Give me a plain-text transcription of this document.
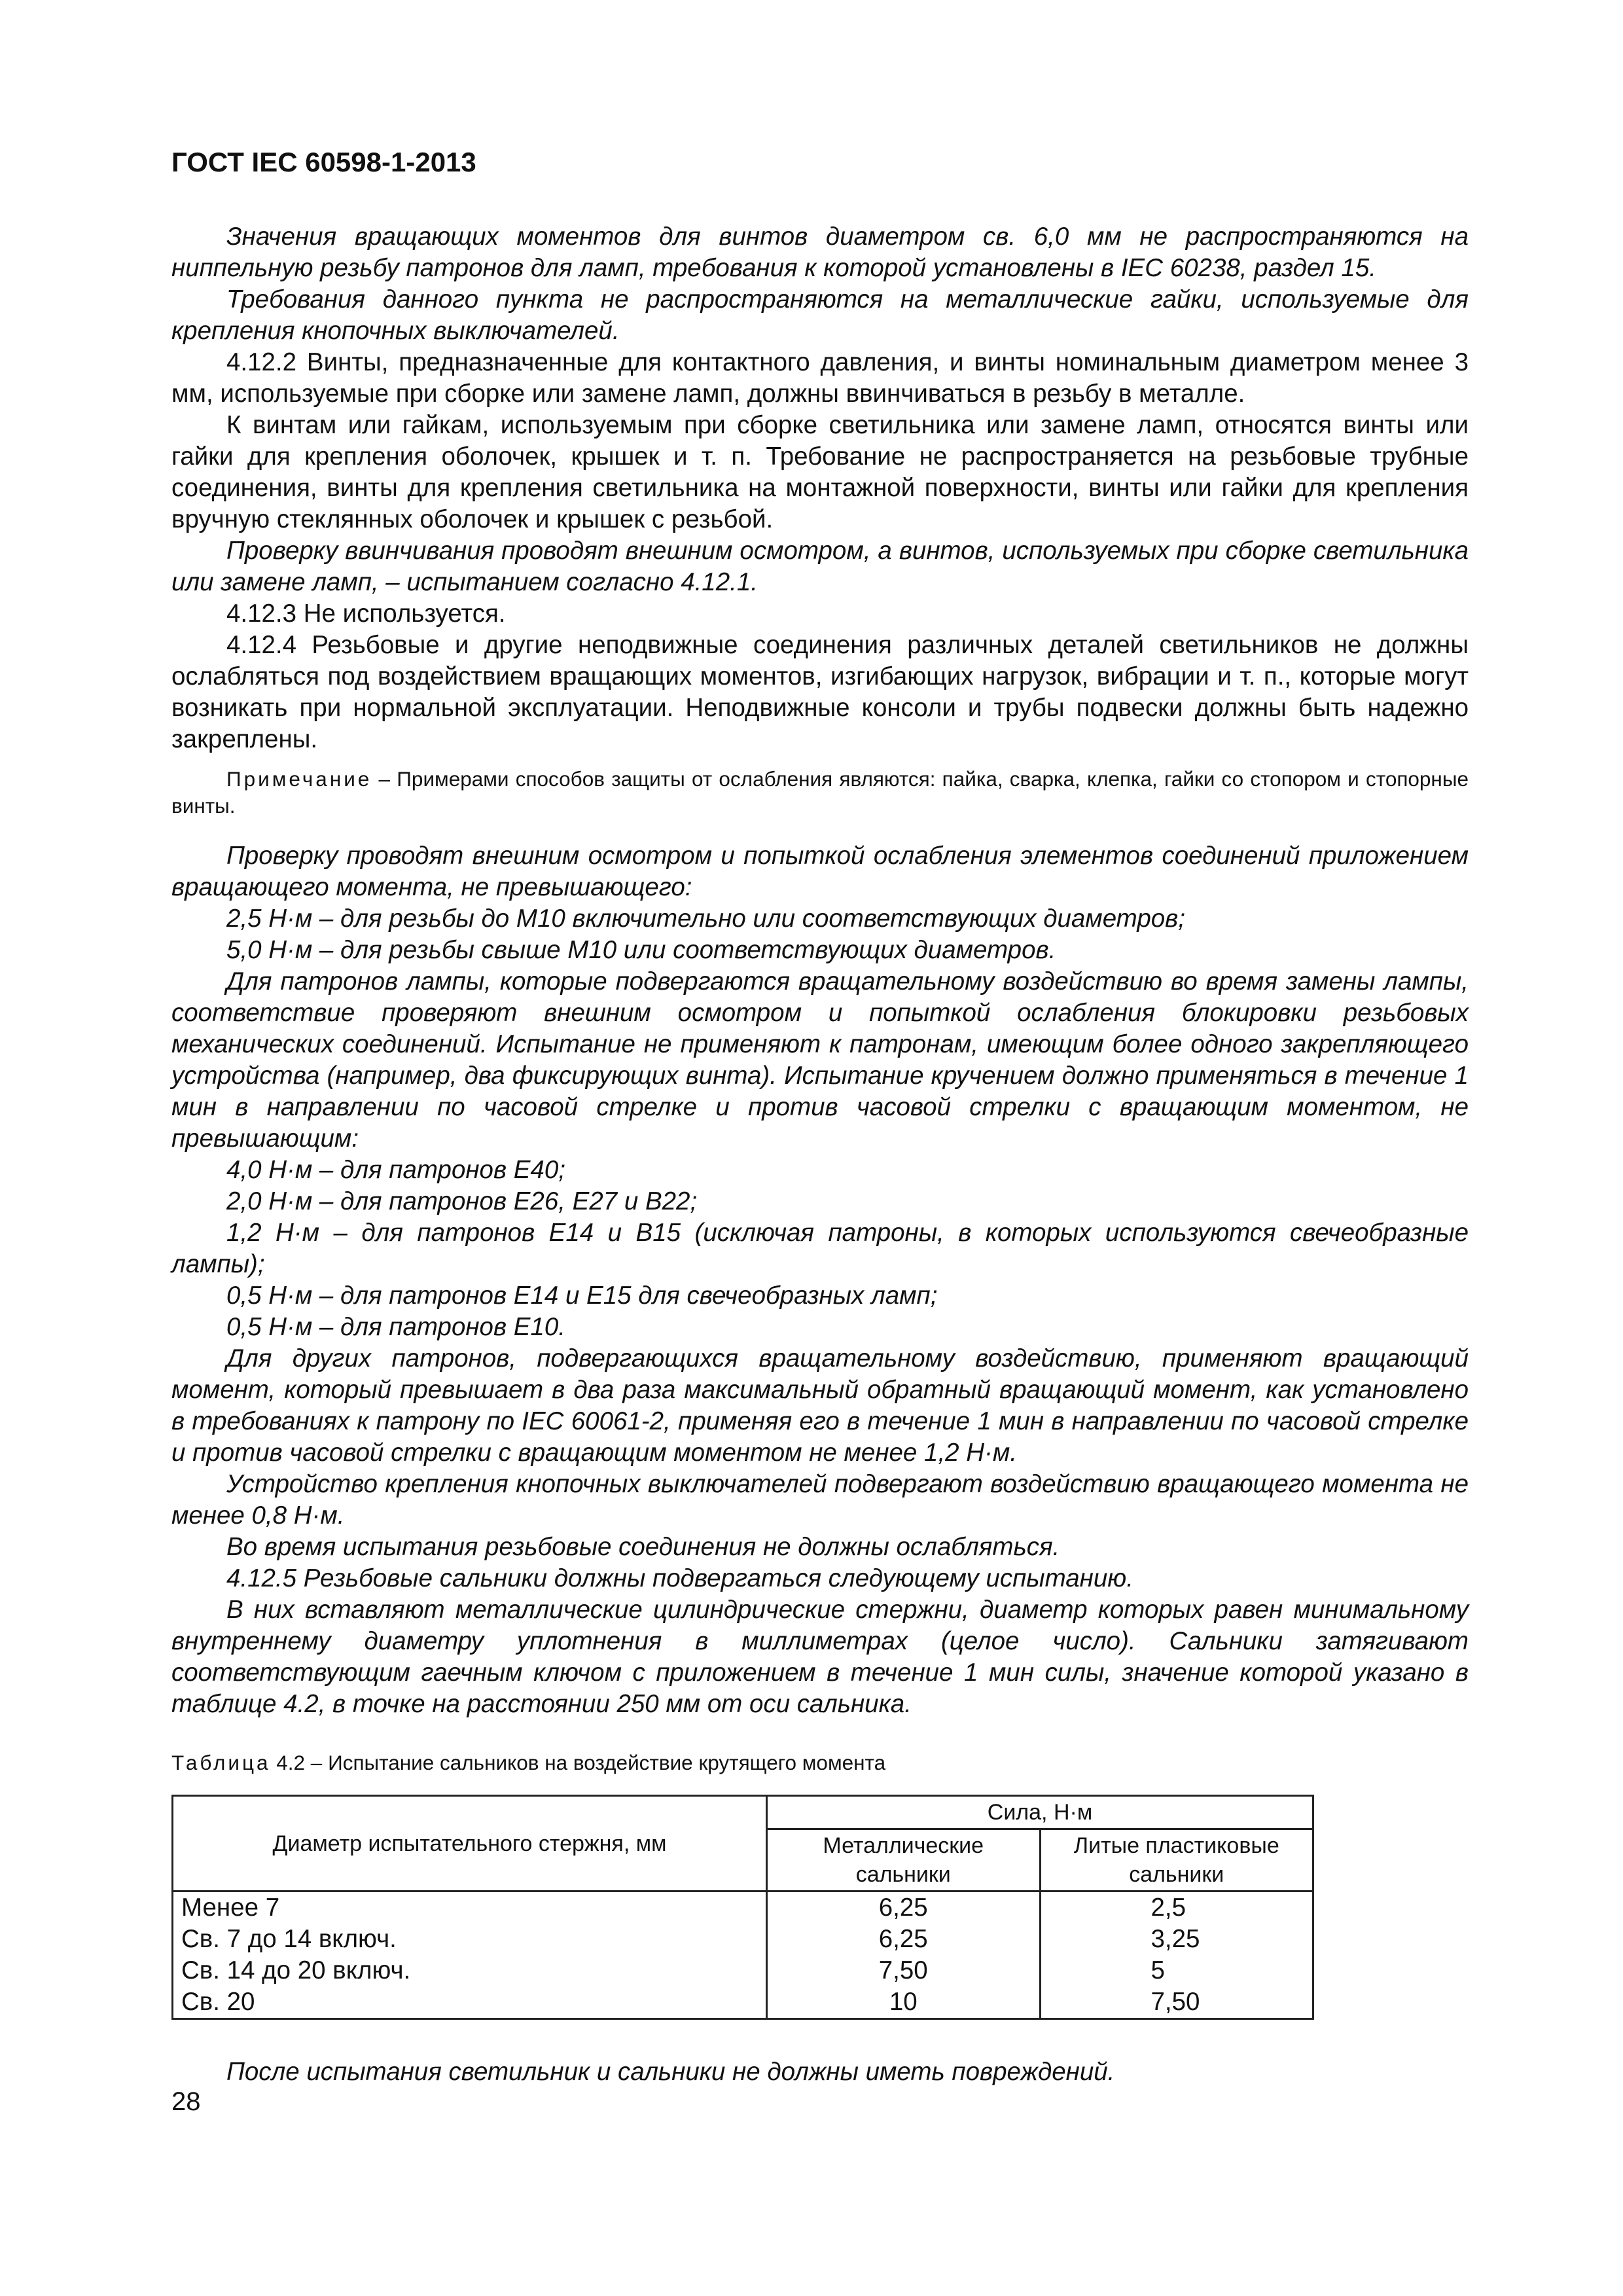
ГОСТ IEC 60598-1-2013

Значения вращающих моментов для винтов диаметром св. 6,0 мм не распространяются на ниппельную резьбу патронов для ламп, требования к которой установлены в IEC 60238, раздел 15.

Требования данного пункта не распространяются на металлические гайки, используемые для крепления кнопочных выключателей.

4.12.2 Винты, предназначенные для контактного давления, и винты номинальным диаметром менее 3 мм, используемые при сборке или замене ламп, должны ввинчиваться в резьбу в металле.

К винтам или гайкам, используемым при сборке светильника или замене ламп, относятся винты или гайки для крепления оболочек, крышек и т. п. Требование не распространяется на резьбовые трубные соединения, винты для крепления светильника на монтажной поверхности, винты или гайки для крепления вручную стеклянных оболочек и крышек с резьбой.

Проверку ввинчивания проводят внешним осмотром, а винтов, используемых при сборке светильника или замене ламп, – испытанием согласно 4.12.1.

4.12.3 Не используется.

4.12.4 Резьбовые и другие неподвижные соединения различных деталей светильников не должны ослабляться под воздействием вращающих моментов, изгибающих нагрузок, вибрации и т. п., которые могут возникать при нормальной эксплуатации. Неподвижные консоли и трубы подвески должны быть надежно закреплены.

Примечание – Примерами способов защиты от ослабления являются: пайка, сварка, клепка, гайки со стопором и стопорные винты.

Проверку проводят внешним осмотром и попыткой ослабления элементов соединений приложением вращающего момента, не превышающего:

2,5 Н·м – для резьбы до М10 включительно или соответствующих диаметров;

5,0 Н·м – для резьбы свыше М10 или соответствующих диаметров.

Для патронов лампы, которые подвергаются вращательному воздействию во время замены лампы, соответствие проверяют внешним осмотром и попыткой ослабления блокировки резьбовых механических соединений. Испытание не применяют к патронам, имеющим более одного закрепляющего устройства (например, два фиксирующих винта). Испытание кручением должно применяться в течение 1 мин в направлении по часовой стрелке и против часовой стрелки с вращающим моментом, не превышающим:

4,0 Н·м – для патронов Е40;

2,0 Н·м – для патронов Е26, Е27 и В22;

1,2 Н·м – для патронов Е14 и В15 (исключая патроны, в которых используются свечеобразные лампы);

0,5 Н·м – для патронов Е14 и Е15 для свечеобразных ламп;

0,5 Н·м – для патронов Е10.

Для других патронов, подвергающихся вращательному воздействию, применяют вращающий момент, который превышает в два раза максимальный обратный вращающий момент, как установлено в требованиях к патрону по IEC 60061-2, применяя его в течение 1 мин в направлении по часовой стрелке и против часовой стрелки с вращающим моментом не менее 1,2 Н·м.

Устройство крепления кнопочных выключателей подвергают воздействию вращающего момента не менее 0,8 Н·м.

Во время испытания резьбовые соединения не должны ослабляться.

4.12.5 Резьбовые сальники должны подвергаться следующему испытанию.

В них вставляют металлические цилиндрические стержни, диаметр которых равен минимальному внутреннему диаметру уплотнения в миллиметрах (целое число). Сальники затягивают соответствующим гаечным ключом с приложением в течение 1 мин силы, значение которой указано в таблице 4.2, в точке на расстоянии 250 мм от оси сальника.

Таблица 4.2 – Испытание сальников на воздействие крутящего момента
Диаметр испытательного стержня, мм	Сила, Н·м	
	Металлические сальники	Литые пластиковые сальники
Менее 7	6,25	2,5
Св. 7 до 14 включ.	6,25	3,25
Св. 14 до 20 включ.	7,50	5
Св. 20	10	7,50

После испытания светильник и сальники не должны иметь повреждений.

28
